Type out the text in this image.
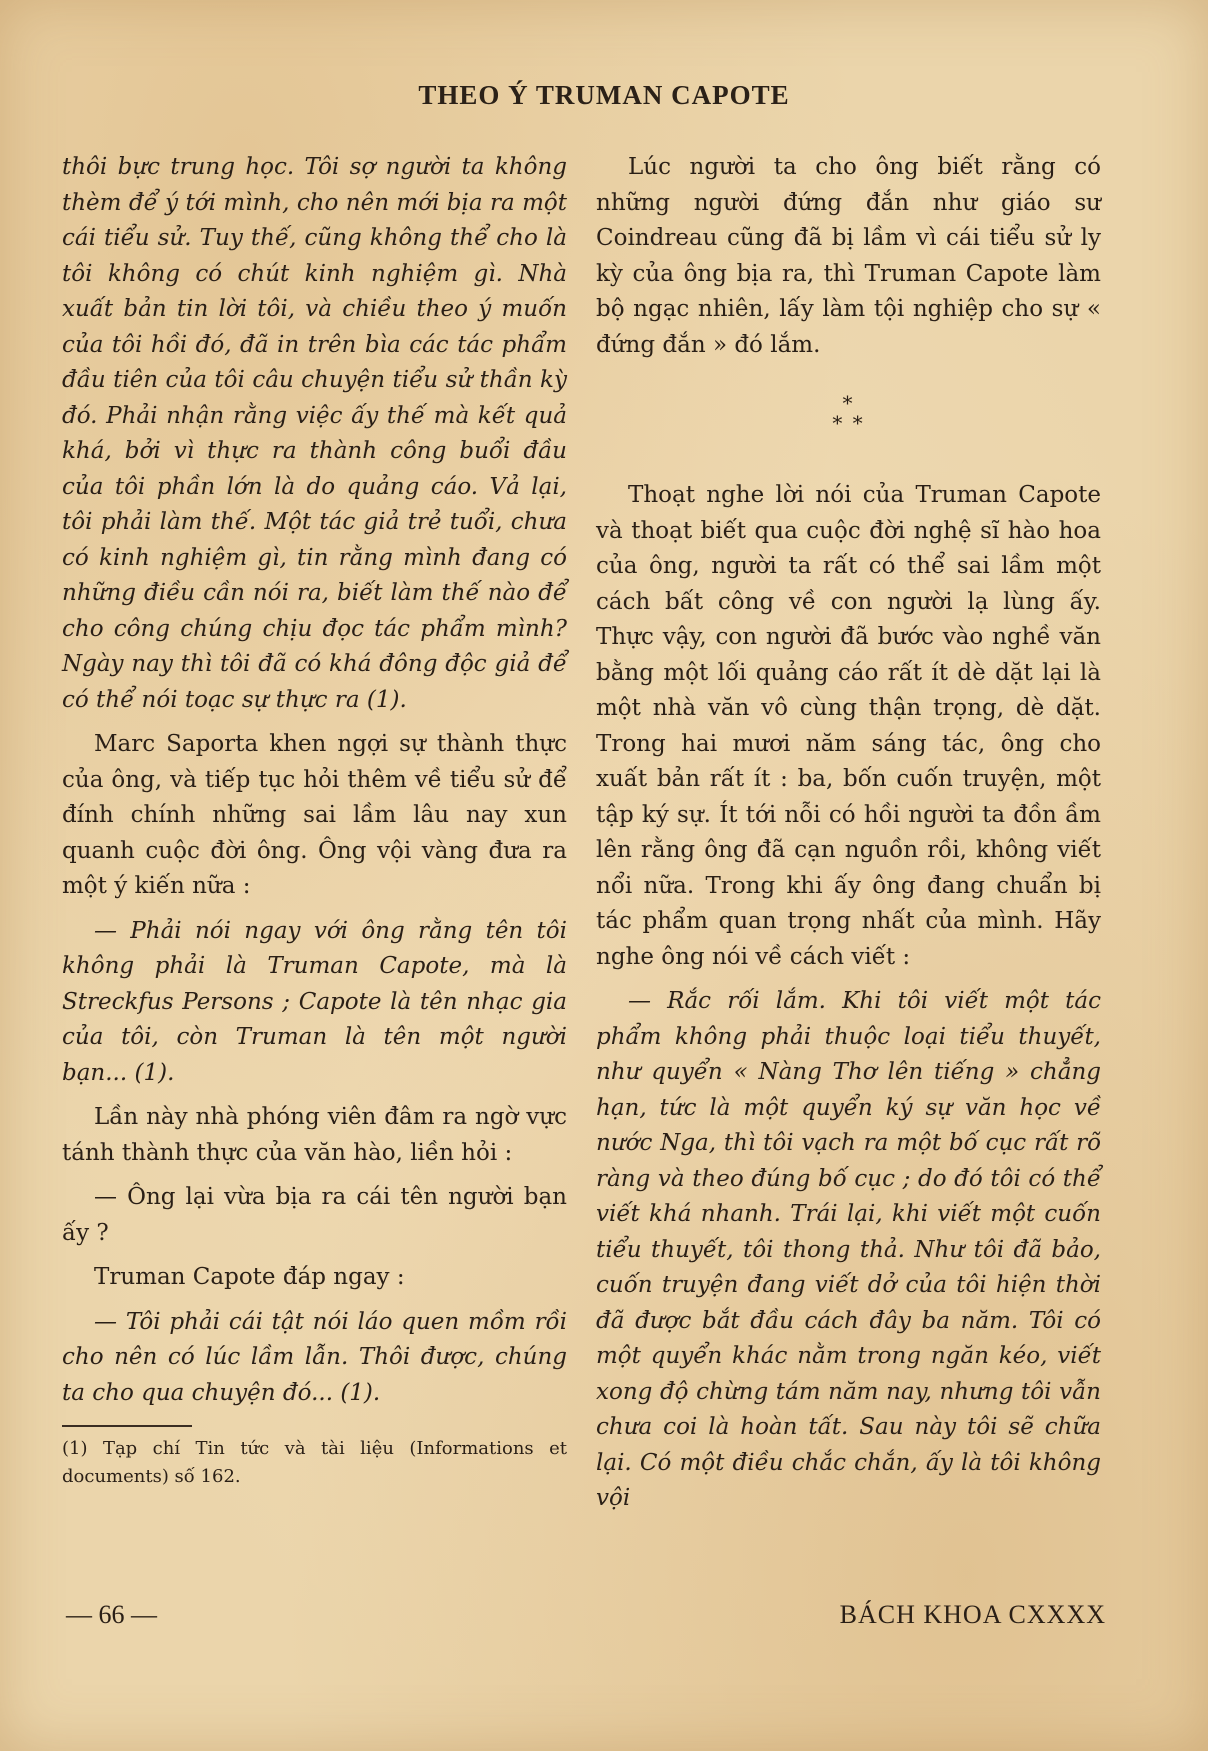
THEO Ý TRUMAN CAPOTE

thôi bực trung học. Tôi sợ người ta không thèm để ý tới mình, cho nên mới bịa ra một cái tiểu sử. Tuy thế, cũng không thể cho là tôi không có chút kinh nghiệm gì. Nhà xuất bản tin lời tôi, và chiều theo ý muốn của tôi hồi đó, đã in trên bìa các tác phẩm đầu tiên của tôi câu chuyện tiểu sử thần kỳ đó. Phải nhận rằng việc ấy thế mà kết quả khá, bởi vì thực ra thành công buổi đầu của tôi phần lớn là do quảng cáo. Vả lại, tôi phải làm thế. Một tác giả trẻ tuổi, chưa có kinh nghiệm gì, tin rằng mình đang có những điều cần nói ra, biết làm thế nào để cho công chúng chịu đọc tác phẩm mình? Ngày nay thì tôi đã có khá đông độc giả để có thể nói toạc sự thực ra (1).

Marc Saporta khen ngợi sự thành thực của ông, và tiếp tục hỏi thêm về tiểu sử để đính chính những sai lầm lâu nay xun quanh cuộc đời ông. Ông vội vàng đưa ra một ý kiến nữa :

— Phải nói ngay với ông rằng tên tôi không phải là Truman Capote, mà là Streckfus Persons ; Capote là tên nhạc gia của tôi, còn Truman là tên một người bạn... (1).

Lần này nhà phóng viên đâm ra ngờ vực tánh thành thực của văn hào, liền hỏi :

— Ông lại vừa bịa ra cái tên người bạn ấy ?

Truman Capote đáp ngay :

— Tôi phải cái tật nói láo quen mồm rồi cho nên có lúc lầm lẫn. Thôi được, chúng ta cho qua chuyện đó... (1).

(1) Tạp chí Tin tức và tài liệu (Informations et documents) số 162.

Lúc người ta cho ông biết rằng có những người đứng đắn như giáo sư Coindreau cũng đã bị lầm vì cái tiểu sử ly kỳ của ông bịa ra, thì Truman Capote làm bộ ngạc nhiên, lấy làm tội nghiệp cho sự « đứng đắn » đó lắm.

*
* *

Thoạt nghe lời nói của Truman Capote và thoạt biết qua cuộc đời nghệ sĩ hào hoa của ông, người ta rất có thể sai lầm một cách bất công về con người lạ lùng ấy. Thực vậy, con người đã bước vào nghề văn bằng một lối quảng cáo rất ít dè dặt lại là một nhà văn vô cùng thận trọng, dè dặt. Trong hai mươi năm sáng tác, ông cho xuất bản rất ít : ba, bốn cuốn truyện, một tập ký sự. Ít tới nỗi có hồi người ta đồn ầm lên rằng ông đã cạn nguồn rồi, không viết nổi nữa. Trong khi ấy ông đang chuẩn bị tác phẩm quan trọng nhất của mình. Hãy nghe ông nói về cách viết :

— Rắc rối lắm. Khi tôi viết một tác phẩm không phải thuộc loại tiểu thuyết, như quyển « Nàng Thơ lên tiếng » chẳng hạn, tức là một quyển ký sự văn học về nước Nga, thì tôi vạch ra một bố cục rất rõ ràng và theo đúng bố cục ; do đó tôi có thể viết khá nhanh. Trái lại, khi viết một cuốn tiểu thuyết, tôi thong thả. Như tôi đã bảo, cuốn truyện đang viết dở của tôi hiện thời đã được bắt đầu cách đây ba năm. Tôi có một quyển khác nằm trong ngăn kéo, viết xong độ chừng tám năm nay, nhưng tôi vẫn chưa coi là hoàn tất. Sau này tôi sẽ chữa lại. Có một điều chắc chắn, ấy là tôi không vội

— 66 —	BÁCH KHOA CXXXX
